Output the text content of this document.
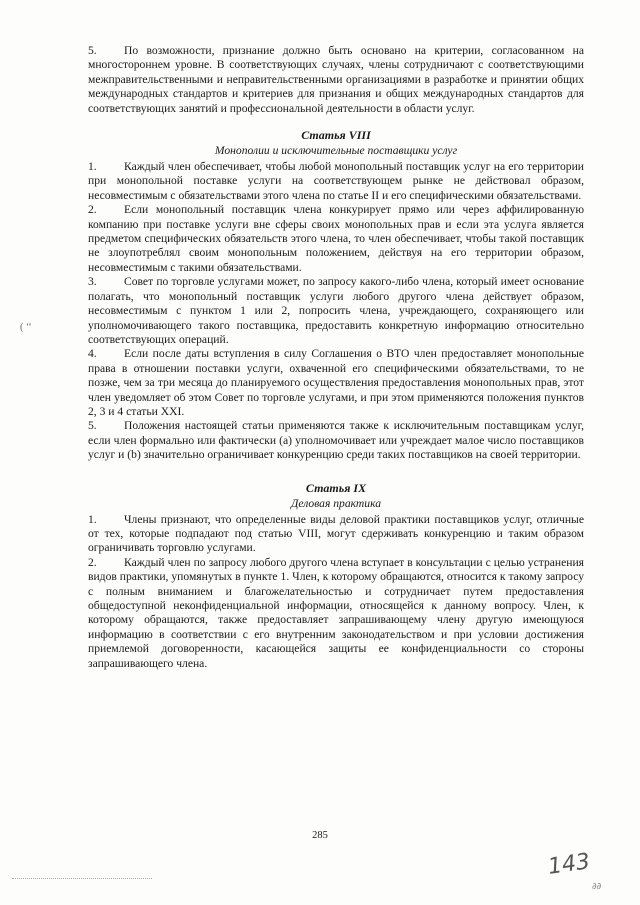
5. По возможности, признание должно быть основано на критерии, согласованном на многостороннем уровне. В соответствующих случаях, члены сотрудничают с соответствующими межправительственными и неправительственными организациями в разработке и принятии общих международных стандартов и критериев для признания и общих международных стандартов для соответствующих занятий и профессиональной деятельности в области услуг.

Статья VIII
Монополии и исключительные поставщики услуг

1. Каждый член обеспечивает, чтобы любой монопольный поставщик услуг на его территории при монопольной поставке услуги на соответствующем рынке не действовал образом, несовместимым с обязательствами этого члена по статье II и его специфическими обязательствами.

2. Если монопольный поставщик члена конкурирует прямо или через аффилированную компанию при поставке услуги вне сферы своих монопольных прав и если эта услуга является предметом специфических обязательств этого члена, то член обеспечивает, чтобы такой поставщик не злоупотреблял своим монопольным положением, действуя на его территории образом, несовместимым с такими обязательствами.

3. Совет по торговле услугами может, по запросу какого-либо члена, который имеет основание полагать, что монопольный поставщик услуги любого другого члена действует образом, несовместимым с пунктом 1 или 2, попросить члена, учреждающего, сохраняющего или уполномочивающего такого поставщика, предоставить конкретную информацию относительно соответствующих операций.

4. Если после даты вступления в силу Соглашения о ВТО член предоставляет монопольные права в отношении поставки услуги, охваченной его специфическими обязательствами, то не позже, чем за три месяца до планируемого осуществления предоставления монопольных прав, этот член уведомляет об этом Совет по торговле услугами, и при этом применяются положения пунктов 2, 3 и 4 статьи XXI.

5. Положения настоящей статьи применяются также к исключительным поставщикам услуг, если член формально или фактически (a) уполномочивает или учреждает малое число поставщиков услуг и (b) значительно ограничивает конкуренцию среди таких поставщиков на своей территории.

Статья IX
Деловая практика

1. Члены признают, что определенные виды деловой практики поставщиков услуг, отличные от тех, которые подпадают под статью VIII, могут сдерживать конкуренцию и таким образом ограничивать торговлю услугами.

2. Каждый член по запросу любого другого члена вступает в консультации с целью устранения видов практики, упомянутых в пункте 1. Член, к которому обращаются, относится к такому запросу с полным вниманием и благожелательностью и сотрудничает путем предоставления общедоступной неконфиденциальной информации, относящейся к данному вопросу. Член, к которому обращаются, также предоставляет запрашивающему члену другую имеющуюся информацию в соответствии с его внутренним законодательством и при условии достижения приемлемой договоренности, касающейся защиты ее конфиденциальности со стороны запрашивающего члена.

( ‘‘
285
143
∂∂
